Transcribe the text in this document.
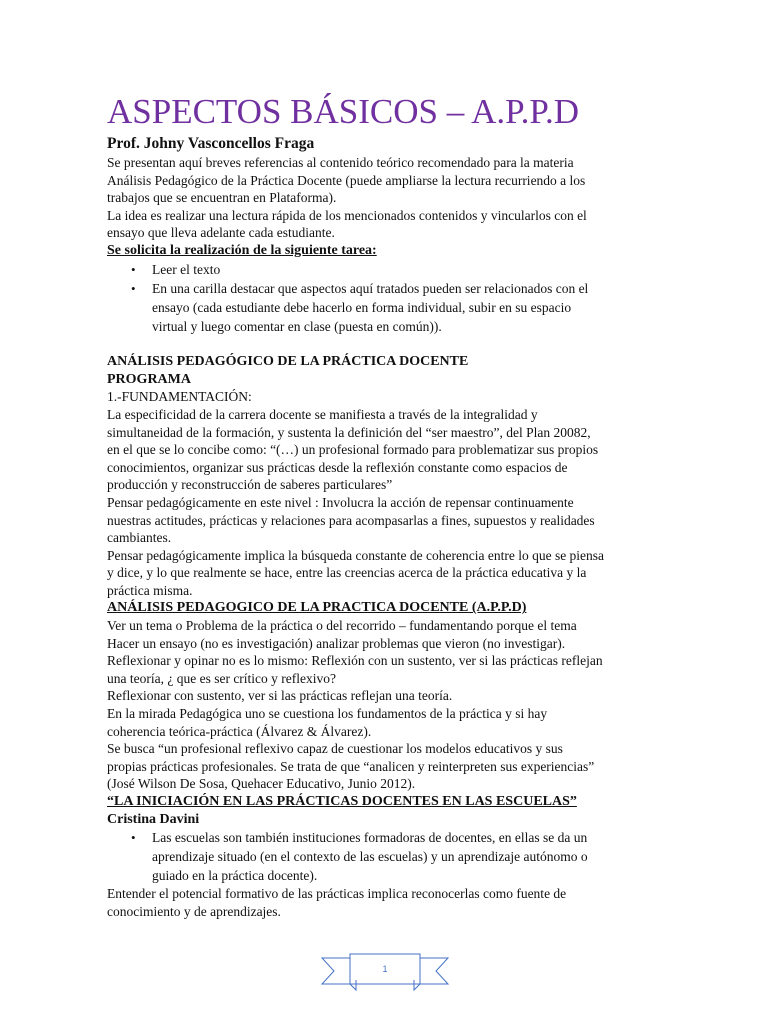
ASPECTOS BÁSICOS – A.P.P.D
Prof. Johny Vasconcellos Fraga
Se presentan aquí breves referencias al contenido teórico recomendado para la materia
Análisis Pedagógico de la Práctica Docente (puede ampliarse la lectura recurriendo a los
trabajos que se encuentran en Plataforma).
La idea es realizar una lectura rápida de los mencionados contenidos y vincularlos con el
ensayo que lleva adelante cada estudiante.
Se solicita la realización de la siguiente tarea:
• Leer el texto
• En una carilla destacar que aspectos aquí tratados pueden ser relacionados con el
ensayo (cada estudiante debe hacerlo en forma individual, subir en su espacio
virtual y luego comentar en clase (puesta en común)).
ANÁLISIS PEDAGÓGICO DE LA PRÁCTICA DOCENTE
PROGRAMA
1.-FUNDAMENTACIÓN:
La especificidad de la carrera docente se manifiesta a través de la integralidad y
simultaneidad de la formación, y sustenta la definición del “ser maestro”, del Plan 20082,
en el que se lo concibe como: “(…) un profesional formado para problematizar sus propios
conocimientos, organizar sus prácticas desde la reflexión constante como espacios de
producción y reconstrucción de saberes particulares”
Pensar pedagógicamente en este nivel : Involucra la acción de repensar continuamente
nuestras actitudes, prácticas y relaciones para acompasarlas a fines, supuestos y realidades
cambiantes.
Pensar pedagógicamente implica la búsqueda constante de coherencia entre lo que se piensa
y dice, y lo que realmente se hace, entre las creencias acerca de la práctica educativa y la
práctica misma.
ANÁLISIS PEDAGOGICO DE LA PRACTICA DOCENTE (A.P.P.D)
Ver un tema o Problema de la práctica o del recorrido – fundamentando porque el tema
Hacer un ensayo (no es investigación) analizar problemas que vieron (no investigar).
Reflexionar y opinar no es lo mismo: Reflexión con un sustento, ver si las prácticas reflejan
una teoría, ¿ que es ser crítico y reflexivo?
Reflexionar con sustento, ver si las prácticas reflejan una teoría.
En la mirada Pedagógica uno se cuestiona los fundamentos de la práctica y si hay
coherencia teórica-práctica (Álvarez & Álvarez).
Se busca “un profesional reflexivo capaz de cuestionar los modelos educativos y sus
propias prácticas profesionales. Se trata de que “analicen y reinterpreten sus experiencias”
(José Wilson De Sosa, Quehacer Educativo, Junio 2012).
“LA INICIACIÓN EN LAS PRÁCTICAS DOCENTES EN LAS ESCUELAS”
Cristina Davini
• Las escuelas son también instituciones formadoras de docentes, en ellas se da un
aprendizaje situado (en el contexto de las escuelas) y un aprendizaje autónomo o
guiado en la práctica docente).
Entender el potencial formativo de las prácticas implica reconocerlas como fuente de
conocimiento y de aprendizajes.
1
